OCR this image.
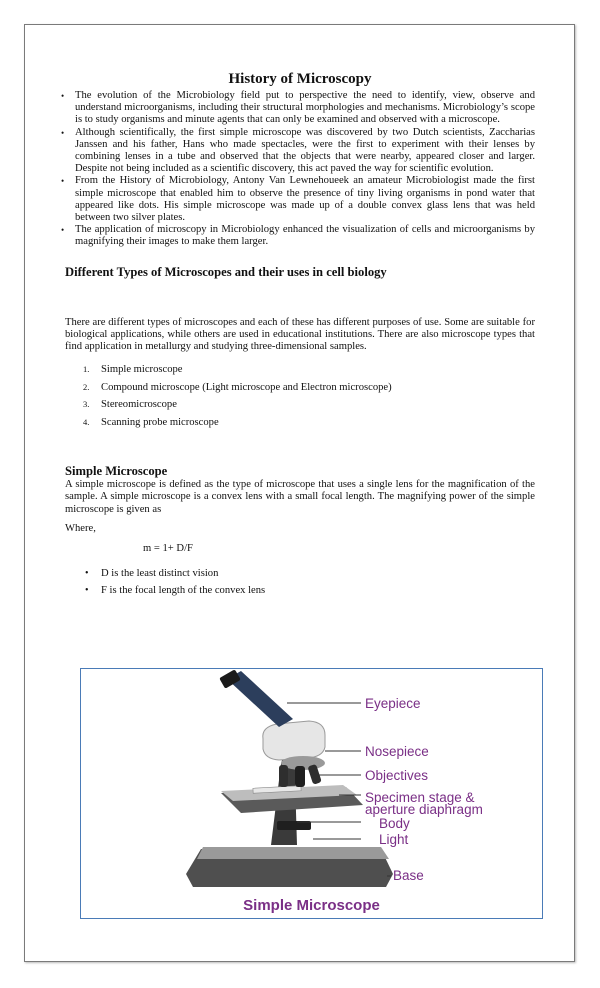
History of Microscopy
• The evolution of the Microbiology field put to perspective the need to identify, view, observe and understand microorganisms, including their structural morphologies and mechanisms. Microbiology’s scope is to study organisms and minute agents that can only be examined and observed with a microscope.
• Although scientifically, the first simple microscope was discovered by two Dutch scientists, Zaccharias Janssen and his father, Hans who made spectacles, were the first to experiment with their lenses by combining lenses in a tube and observed that the objects that were nearby, appeared closer and larger. Despite not being included as a scientific discovery, this act paved the way for scientific evolution.
• From the History of Microbiology, Antony Van Lewnehoueek an amateur Microbiologist made the first simple microscope that enabled him to observe the presence of tiny living organisms in pond water that appeared like dots. His simple microscope was made up of a double convex glass lens that was held between two silver plates.
• The application of microscopy in Microbiology enhanced the visualization of cells and microorganisms by magnifying their images to make them larger.
Different Types of Microscopes and their uses in cell biology

There are different types of microscopes and each of these has different purposes of use. Some are suitable for biological applications, while others are used in educational institutions. There are also microscope types that find application in metallurgy and studying three-dimensional samples.

1. Simple microscope
2. Compound microscope (Light microscope and Electron microscope)
3. Stereomicroscope
4. Scanning probe microscope
Simple Microscope

A simple microscope is defined as the type of microscope that uses a single lens for the magnification of the sample. A simple microscope is a convex lens with a small focal length. The magnifying power of the simple microscope is given as

Where,

m = 1+ D/F

• D is the least distinct vision
• F is the focal length of the convex lens
Eyepiece
Nosepiece
Objectives
Specimen stage &
aperture diaphragm
Body
Light
Base
Simple Microscope
